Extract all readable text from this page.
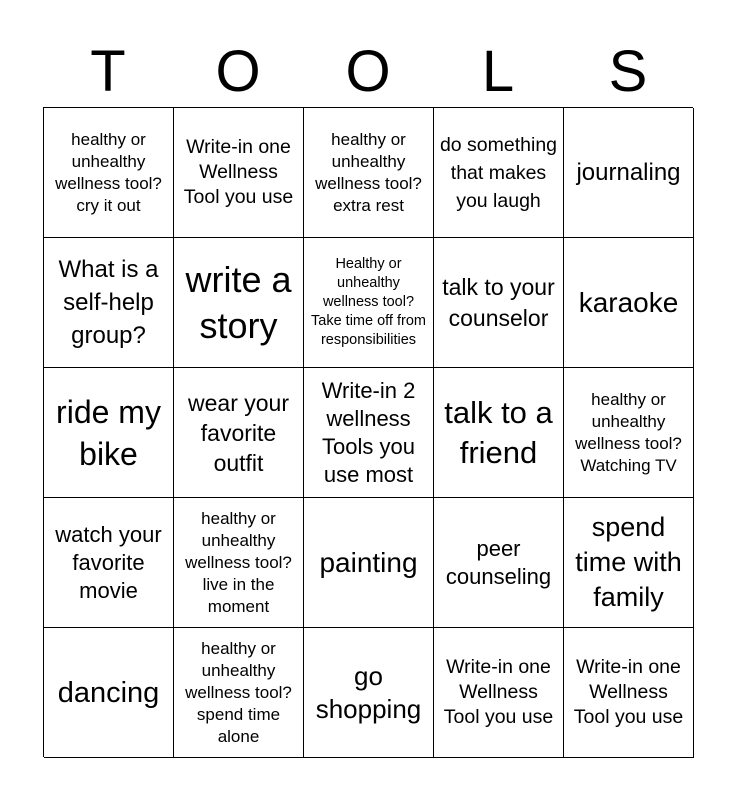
T	O	O	L	S
healthy or unhealthy wellness tool? cry it out
Write-in one Wellness Tool you use
healthy or unhealthy wellness tool? extra rest
do something that makes you laugh
journaling
What is a self-help group?
write a story
Healthy or unhealthy wellness tool? Take time off from responsibilities
talk to your counselor	karaoke
ride my bike
wear your favorite outfit
Write-in 2 wellness Tools you use most
talk to a friend
healthy or unhealthy wellness tool? Watching TV
watch your favorite movie
healthy or unhealthy wellness tool? live in the moment
painting	peer counseling
spend time with family
dancing
healthy or unhealthy wellness tool? spend time alone
go shopping
Write-in one Wellness Tool you use
Write-in one Wellness Tool you use
